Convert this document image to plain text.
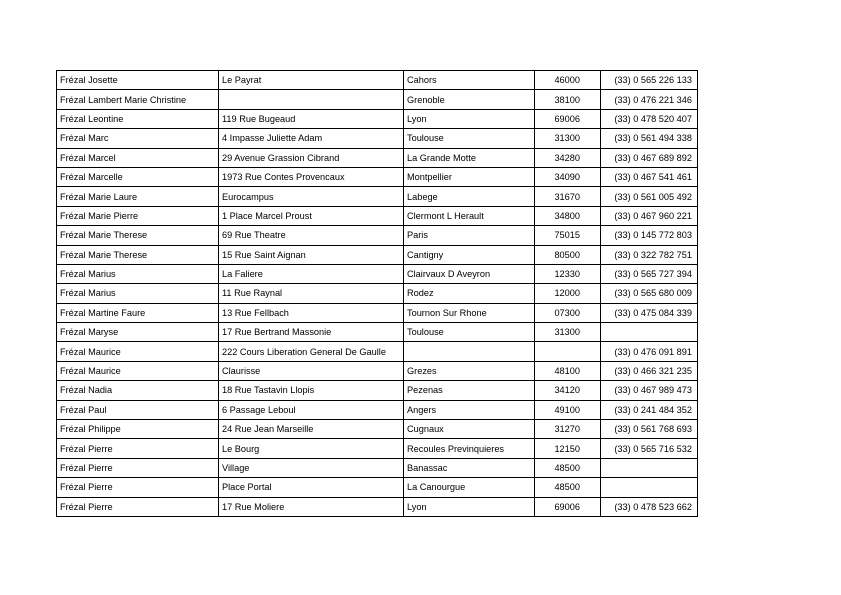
Frézal Josette	Le Payrat	Cahors	46000	(33) 0 565 226 133
Frézal Lambert Marie Christine		Grenoble	38100	(33) 0 476 221 346
Frézal Leontine	119 Rue Bugeaud	Lyon	69006	(33) 0 478 520 407
Frézal Marc	4 Impasse Juliette Adam	Toulouse	31300	(33) 0 561 494 338
Frézal Marcel	29 Avenue Grassion Cibrand	La Grande Motte	34280	(33) 0 467 689 892
Frézal Marcelle	1973 Rue Contes Provencaux	Montpellier	34090	(33) 0 467 541 461
Frézal Marie Laure	Eurocampus	Labege	31670	(33) 0 561 005 492
Frézal Marie Pierre	1 Place Marcel Proust	Clermont L Herault	34800	(33) 0 467 960 221
Frézal Marie Therese	69 Rue Theatre	Paris	75015	(33) 0 145 772 803
Frézal Marie Therese	15 Rue Saint Aignan	Cantigny	80500	(33) 0 322 782 751
Frézal Marius	La Faliere	Clairvaux D Aveyron	12330	(33) 0 565 727 394
Frézal Marius	11 Rue Raynal	Rodez	12000	(33) 0 565 680 009
Frézal Martine Faure	13 Rue Fellbach	Tournon Sur Rhone	07300	(33) 0 475 084 339
Frézal Maryse	17 Rue Bertrand Massonie	Toulouse	31300	
Frézal Maurice	222 Cours Liberation General De Gaulle			(33) 0 476 091 891
Frézal Maurice	Claurisse	Grezes	48100	(33) 0 466 321 235
Frézal Nadia	18 Rue Tastavin Llopis	Pezenas	34120	(33) 0 467 989 473
Frézal Paul	6 Passage Leboul	Angers	49100	(33) 0 241 484 352
Frézal Philippe	24 Rue Jean Marseille	Cugnaux	31270	(33) 0 561 768 693
Frézal Pierre	Le Bourg	Recoules Previnquieres	12150	(33) 0 565 716 532
Frézal Pierre	Village	Banassac	48500	
Frézal Pierre	Place Portal	La Canourgue	48500	
Frézal Pierre	17 Rue Moliere	Lyon	69006	(33) 0 478 523 662
